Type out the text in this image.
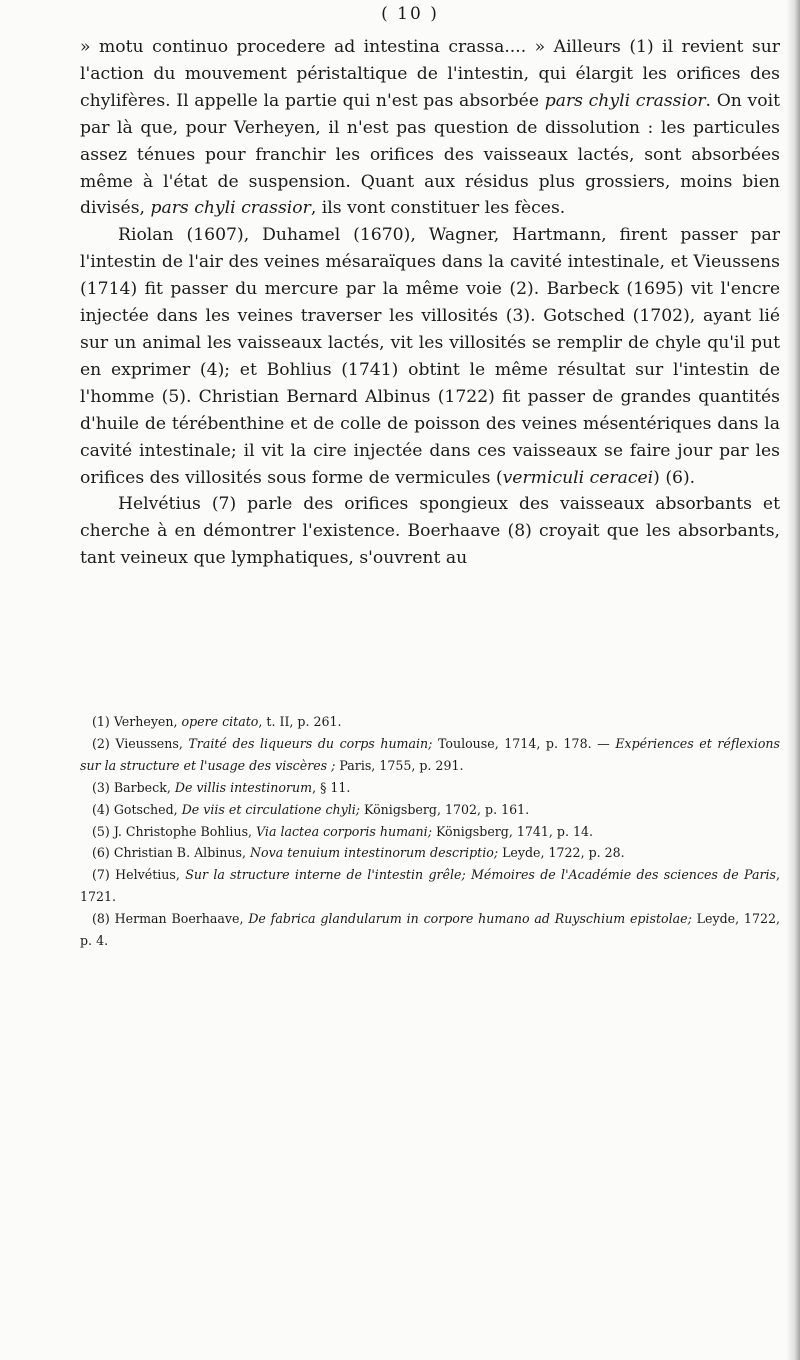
( 10 )

» motu continuo procedere ad intestina crassa.... » Ailleurs (1) il revient sur l'action du mouvement péristaltique de l'intestin, qui élargit les orifices des chylifères. Il appelle la partie qui n'est pas absorbée pars chyli crassior. On voit par là que, pour Verheyen, il n'est pas question de dissolution : les particules assez ténues pour franchir les orifices des vaisseaux lactés, sont absorbées même à l'état de suspension. Quant aux résidus plus grossiers, moins bien divisés, pars chyli crassior, ils vont constituer les fèces.

Riolan (1607), Duhamel (1670), Wagner, Hartmann, firent passer par l'intestin de l'air des veines mésaraïques dans la cavité intestinale, et Vieussens (1714) fit passer du mercure par la même voie (2). Barbeck (1695) vit l'encre injectée dans les veines traverser les villosités (3). Gotsched (1702), ayant lié sur un animal les vaisseaux lactés, vit les villosités se remplir de chyle qu'il put en exprimer (4); et Bohlius (1741) obtint le même résultat sur l'intestin de l'homme (5). Christian Bernard Albinus (1722) fit passer de grandes quantités d'huile de térébenthine et de colle de poisson des veines mésentériques dans la cavité intestinale; il vit la cire injectée dans ces vaisseaux se faire jour par les orifices des villosités sous forme de vermicules (vermiculi ceracei) (6).

Helvétius (7) parle des orifices spongieux des vaisseaux absorbants et cherche à en démontrer l'existence. Boerhaave (8) croyait que les absorbants, tant veineux que lymphatiques, s'ouvrent au

(1) Verheyen, opere citato, t. II, p. 261.

(2) Vieussens, Traité des liqueurs du corps humain; Toulouse, 1714, p. 178. — Expériences et réflexions sur la structure et l'usage des viscères ; Paris, 1755, p. 291.

(3) Barbeck, De villis intestinorum, § 11.

(4) Gotsched, De viis et circulatione chyli; Königsberg, 1702, p. 161.

(5) J. Christophe Bohlius, Via lactea corporis humani; Königsberg, 1741, p. 14.

(6) Christian B. Albinus, Nova tenuium intestinorum descriptio; Leyde, 1722, p. 28.

(7) Helvétius, Sur la structure interne de l'intestin grêle; Mémoires de l'Académie des sciences de Paris, 1721.

(8) Herman Boerhaave, De fabrica glandularum in corpore humano ad Ruyschium epistolae; Leyde, 1722, p. 4.
